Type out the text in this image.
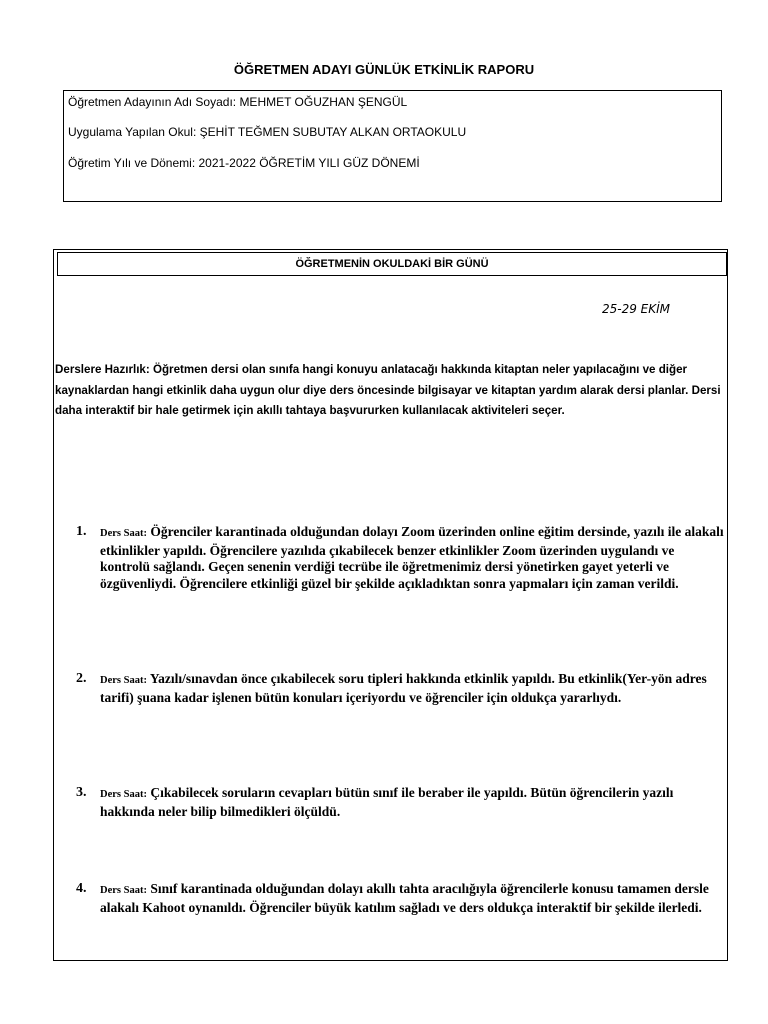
ÖĞRETMEN ADAYI GÜNLÜK ETKİNLİK RAPORU
Öğretmen Adayının Adı Soyadı: MEHMET OĞUZHAN ŞENGÜL
Uygulama Yapılan Okul: ŞEHİT TEĞMEN SUBUTAY ALKAN ORTAOKULU
Öğretim Yılı ve Dönemi: 2021-2022 ÖĞRETİM YILI GÜZ DÖNEMİ
ÖĞRETMENİN OKULDAKİ BİR GÜNÜ
25-29 EKİM
Derslere Hazırlık: Öğretmen dersi olan sınıfa hangi konuyu anlatacağı hakkında kitaptan neler yapılacağını ve diğer kaynaklardan hangi etkinlik daha uygun olur diye ders öncesinde bilgisayar ve kitaptan yardım alarak dersi planlar. Dersi daha interaktif bir hale getirmek için akıllı tahtaya başvururken kullanılacak aktiviteleri seçer.
1. Ders Saat: Öğrenciler karantinada olduğundan dolayı Zoom üzerinden online eğitim dersinde, yazılı ile alakalı etkinlikler yapıldı. Öğrencilere yazılıda çıkabilecek benzer etkinlikler Zoom üzerinden uygulandı ve kontrolü sağlandı. Geçen senenin verdiği tecrübe ile öğretmenimiz dersi yönetirken gayet yeterli ve özgüvenliydi. Öğrencilere etkinliği güzel bir şekilde açıkladıktan sonra yapmaları için zaman verildi.
2. Ders Saat: Yazılı/sınavdan önce çıkabilecek soru tipleri hakkında etkinlik yapıldı. Bu etkinlik(Yer-yön adres tarifi) şuana kadar işlenen bütün konuları içeriyordu ve öğrenciler için oldukça yararlıydı.
3. Ders Saat: Çıkabilecek soruların cevapları bütün sınıf ile beraber ile yapıldı. Bütün öğrencilerin yazılı hakkında neler bilip bilmedikleri ölçüldü.
4. Ders Saat: Sınıf karantinada olduğundan dolayı akıllı tahta aracılığıyla öğrencilerle konusu tamamen dersle alakalı Kahoot oynanıldı. Öğrenciler büyük katılım sağladı ve ders oldukça interaktif bir şekilde ilerledi.
